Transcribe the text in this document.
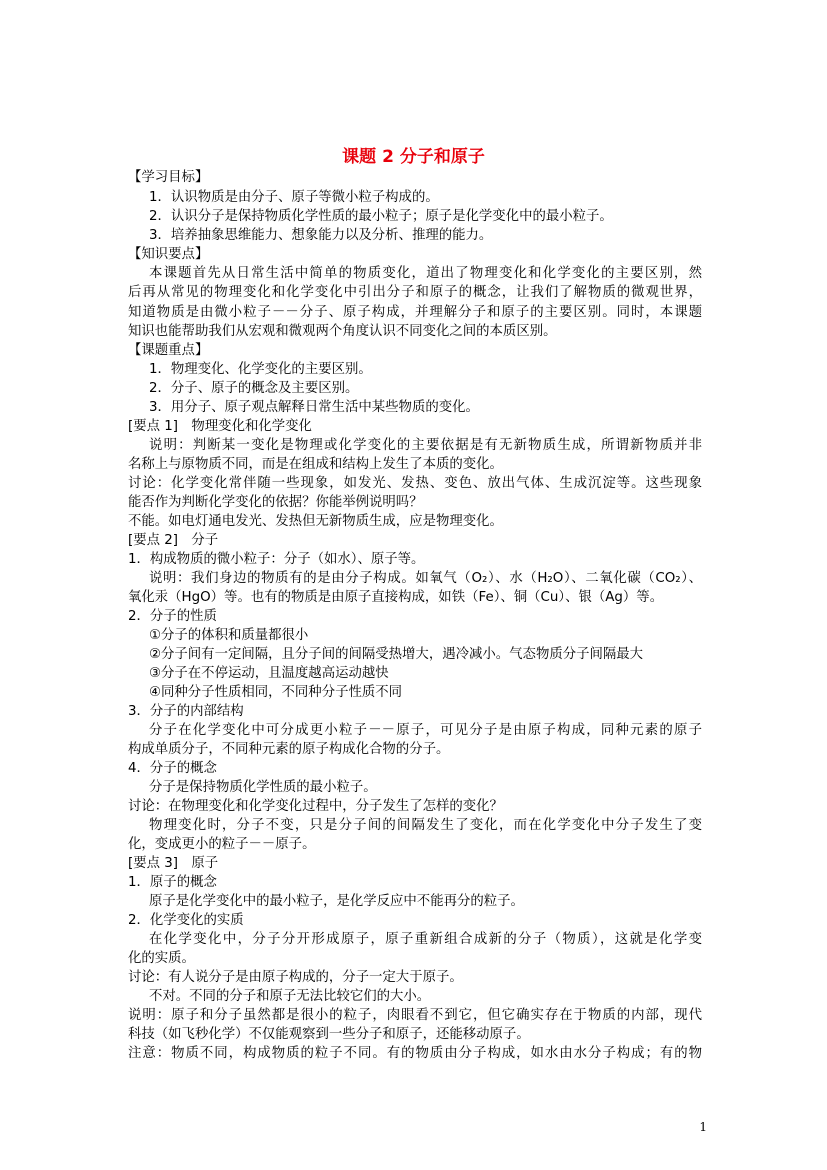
课题 2 分子和原子
【学习目标】
1．认识物质是由分子、原子等微小粒子构成的。
2．认识分子是保持物质化学性质的最小粒子；原子是化学变化中的最小粒子。
3．培养抽象思维能力、想象能力以及分析、推理的能力。
【知识要点】
本课题首先从日常生活中简单的物质变化，道出了物理变化和化学变化的主要区别，然
后再从常见的物理变化和化学变化中引出分子和原子的概念，让我们了解物质的微观世界，
知道物质是由微小粒子－－分子、原子构成，并理解分子和原子的主要区别。同时，本课题
知识也能帮助我们从宏观和微观两个角度认识不同变化之间的本质区别。
【课题重点】
1．物理变化、化学变化的主要区别。
2．分子、原子的概念及主要区别。
3．用分子、原子观点解释日常生活中某些物质的变化。
[要点 1]　物理变化和化学变化
说明：判断某一变化是物理或化学变化的主要依据是有无新物质生成，所谓新物质并非
名称上与原物质不同，而是在组成和结构上发生了本质的变化。
讨论：化学变化常伴随一些现象，如发光、发热、变色、放出气体、生成沉淀等。这些现象
能否作为判断化学变化的依据？你能举例说明吗？
不能。如电灯通电发光、发热但无新物质生成，应是物理变化。
[要点 2]　分子
1．构成物质的微小粒子：分子（如水）、原子等。
说明：我们身边的物质有的是由分子构成。如氧气（O₂）、水（H₂O）、二氧化碳（CO₂）、
氧化汞（HgO）等。也有的物质是由原子直接构成，如铁（Fe）、铜（Cu）、银（Ag）等。
2．分子的性质
①分子的体积和质量都很小
②分子间有一定间隔，且分子间的间隔受热增大，遇冷减小。气态物质分子间隔最大
③分子在不停运动，且温度越高运动越快
④同种分子性质相同，不同种分子性质不同
3．分子的内部结构
分子在化学变化中可分成更小粒子－－原子，可见分子是由原子构成，同种元素的原子
构成单质分子，不同种元素的原子构成化合物的分子。
4．分子的概念
分子是保持物质化学性质的最小粒子。
讨论：在物理变化和化学变化过程中，分子发生了怎样的变化？
物理变化时，分子不变，只是分子间的间隔发生了变化，而在化学变化中分子发生了变
化，变成更小的粒子－－原子。
[要点 3]　原子
1．原子的概念
原子是化学变化中的最小粒子，是化学反应中不能再分的粒子。
2．化学变化的实质
在化学变化中，分子分开形成原子，原子重新组合成新的分子（物质），这就是化学变
化的实质。
讨论：有人说分子是由原子构成的，分子一定大于原子。
不对。不同的分子和原子无法比较它们的大小。
说明：原子和分子虽然都是很小的粒子，肉眼看不到它，但它确实存在于物质的内部，现代
科技（如飞秒化学）不仅能观察到一些分子和原子，还能移动原子。
注意：物质不同，构成物质的粒子不同。有的物质由分子构成，如水由水分子构成；有的物
1
